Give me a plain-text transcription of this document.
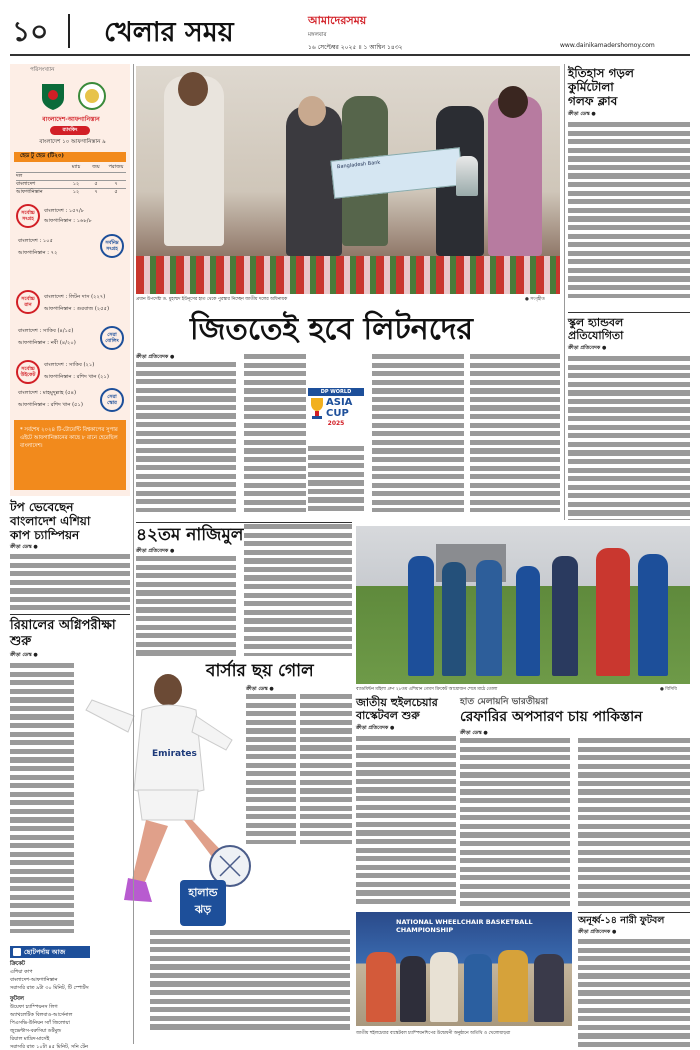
১০ খেলার সময়	আমাদেরসময়
মঙ্গলবার
১৬ সেপ্টেম্বর ২০২৫ ॥ ১ আশ্বিন ১৪৩২	www.dainikamadershomoy.com
পরিসংখ্যান
বাংলাদেশ-আফগানিস্তান
র‍্যাংকিং
বাংলাদেশ ১০ আফগানিস্তান ৯
হেড টু হেড (টি২০)
ম্যাচ	জয়	পরাজয়
দল
বাংলাদেশ	১২	৫	৭
আফগানিস্তান	১২	৭	৫
সর্বোচ্চ সংগ্রহ
বাংলাদেশ : ১৫৭/৮
আফগানিস্তান : ১৬৮/৮
সর্বনিম্ন সংগ্রহ
বাংলাদেশ : ১০৫
আফগানিস্তান : ৭২
সর্বোচ্চ রান
বাংলাদেশ : লিটন দাস (২২৭)
আফগানিস্তান : গুরবাজ (২৫৫)
সেরা বোলিং
বাংলাদেশ : সাকিব (৪/১৫)
আফগানিস্তান : নবী (৪/২০)
সর্বোচ্চ উইকেট
বাংলাদেশ : সাকিব (২১)
আফগানিস্তান : রশিদ খান (২১)
সেরা স্কোর
বাংলাদেশ : মাহমুদুল্লাহ (৫৪)
আফগানিস্তান : রশিদ খান (৫১)
* সর্বশেষ ২০২৪ টি-টোয়েন্টি বিশ্বকাপের সুপার এইটে আফগানিস্তানের কাছে ৮ রানে হেরেছিল বাংলাদেশ।
Bangladesh Bank
প্রধান উপদেষ্টা ড. মুহাম্মদ ইউনূসের হাত থেকে পুরস্কার নিচ্ছেন জাতীয় দলের অধিনায়ক	● সংগৃহীত
ইতিহাস গড়ল
কুর্মিটোলা
গলফ ক্লাব
ক্রীড়া ডেস্ক ●
জিততেই হবে লিটনদের
ক্রীড়া প্রতিবেদক ●
DP WORLD
ASIA
CUP
2025
স্কুল হ্যান্ডবল
প্রতিযোগিতা
ক্রীড়া প্রতিবেদক ●
টপ ভেবেছেন
বাংলাদেশ এশিয়া
কাপ চ্যাম্পিয়ন
ক্রীড়া ডেস্ক ●
৪২তম নাজিমুল
ক্রীড়া প্রতিবেদক ●
ব্যাডমিন্টন মহিলা গ্রুপ ২৮তম এশিয়ান গেমস ক্রিকেট আয়োজন শেষে মাঠে তোলা	● বিসিবি
রিয়ালের অগ্নিপরীক্ষা শুরু
ক্রীড়া ডেস্ক ●
বার্সার ছয় গোল
ক্রীড়া ডেস্ক ●
Emirates
হালান্ড
ঝড়
জাতীয় হুইলচেয়ার
বাস্কেটবল শুরু
ক্রীড়া প্রতিবেদক ●
হাত মেলায়নি ভারতীয়রা
রেফারির অপসারণ চায় পাকিস্তান
ক্রীড়া ডেস্ক ●
অনূর্ধ্ব-১৪ নারী ফুটবল
ক্রীড়া প্রতিবেদক ●
NATIONAL WHEELCHAIR BASKETBALL CHAMPIONSHIP
জাতীয় হুইলচেয়ার বাস্কেটবল চ্যাম্পিয়নশিপের উদ্বোধনী অনুষ্ঠানে অতিথি ও খেলোয়াড়রা
ছোটপর্দায় আজ
ক্রিকেট
এশিয়া কাপ
বাংলাদেশ-আফগানিস্তান
সরাসরি রাত ৯টা ৩০ মিনিট, টি স্পোর্টস
ফুটবল
উয়েফা চ্যাম্পিয়নস লিগ
অ্যাথলেটিক বিলবাও-আর্সেনাল
পিএসভি-উনিয়ন স্যাঁ জিলোয়া
জুভেন্টাস-বরুসিয়া ডর্টমুন্ড
রিয়াল মাদ্রিদ-মার্সেই
সরাসরি রাত ১০টা ৪৫ মিনিট, সনি টেন
